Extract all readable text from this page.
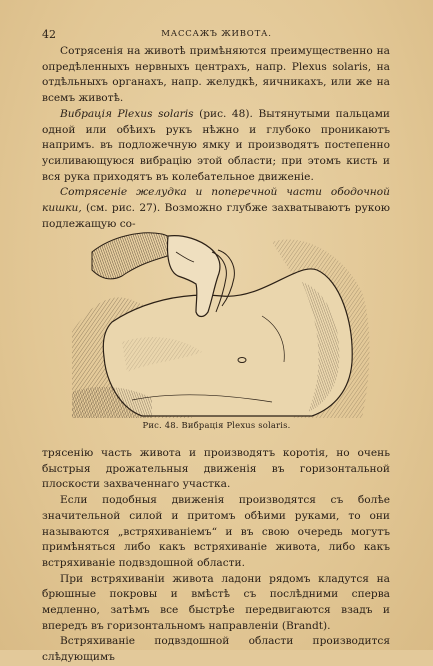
42	МАССАЖЪ ЖИВОТА.

Сотрясенія на животѣ примѣняются преимущественно на опредѣленныхъ нервныхъ центрахъ, напр. Plexus solaris, на отдѣльныхъ органахъ, напр. желудкѣ, яичникахъ, или же на всемъ животѣ.

Вибрація Plexus solaris (рис. 48). Вытянутыми пальцами одной или обѣихъ рукъ нѣжно и глубоко проникаютъ напримъ. въ подложечную ямку и производятъ постепенно усиливающуюся вибрацію этой области; при этомъ кисть и вся рука приходятъ въ колебательное движеніе.

Сотрясеніе желудка и поперечной части ободочной кишки, (см. рис. 27). Возможно глубже захватываютъ рукою подлежащую со-

Рис. 48. Вибрація Plexus solaris.

трясенію часть живота и производятъ коротія, но очень быстрыя дрожательныя движенія въ горизонтальной плоскости захваченнаго участка.

Если подобныя движенія производятся съ болѣе значительной силой и притомъ обѣими руками, то они называются „встряхиваніемъ“ и въ свою очередь могутъ примѣняться либо какъ встряхиваніе живота, либо какъ встряхиваніе подвздошной области.

При встряхиваніи живота ладони рядомъ кладутся на брюшные покровы и вмѣстѣ съ послѣдними сперва медленно, затѣмъ все быстрѣе передвигаются взадъ и впередъ въ горизонтальномъ направленіи (Brandt).

Встряхиваніе подвздошной области производится слѣдующимъ
